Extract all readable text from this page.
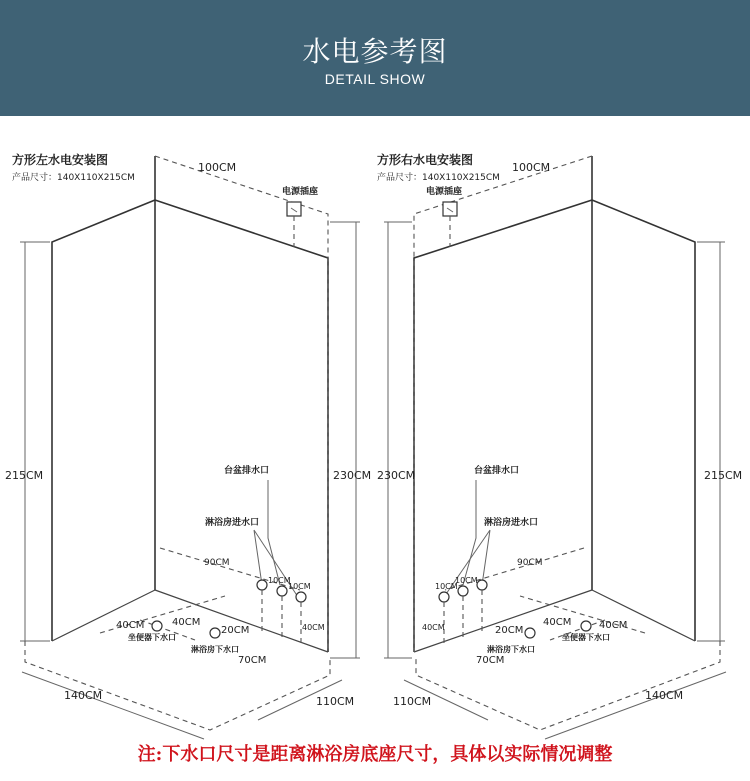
水电参考图
DETAIL SHOW
方形左水电安装图
产品尺寸：140X110X215CM
215CM	230CM
100CM
电源插座
台盆排水口
淋浴房进水口
90CM
10CM
10CM
40CM
40CM	40CM
20CM
70CM
坐便器下水口
淋浴房下水口
140CM	110CM
方形右水电安装图
产品尺寸：140X110X215CM
230CM	215CM
100CM
电源插座
台盆排水口
淋浴房进水口
90CM
10CM
10CM
40CM	40CM	40CM
20CM
70CM
坐便器下水口
淋浴房下水口
140CM
110CM
注:下水口尺寸是距离淋浴房底座尺寸，具体以实际情况调整
